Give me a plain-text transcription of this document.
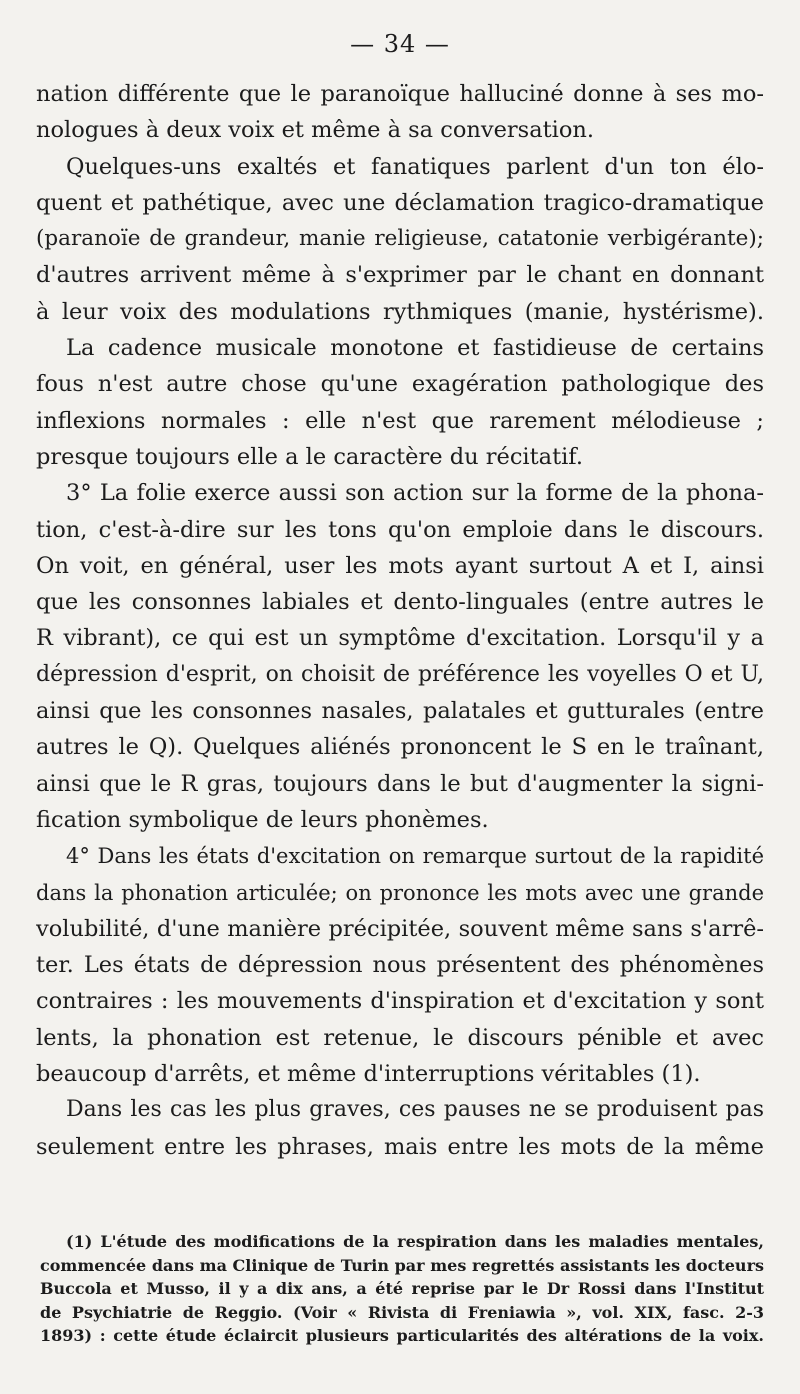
— 34 —
nation différente que le paranoïque halluciné donne à ses mo-
nologues à deux voix et même à sa conversation.
Quelques-uns exaltés et fanatiques parlent d'un ton élo-
quent et pathétique, avec une déclamation tragico-dramatique
(paranoïe de grandeur, manie religieuse, catatonie verbigérante);
d'autres arrivent même à s'exprimer par le chant en donnant
à leur voix des modulations rythmiques (manie, hystérisme).
La cadence musicale monotone et fastidieuse de certains
fous n'est autre chose qu'une exagération pathologique des
inflexions normales : elle n'est que rarement mélodieuse ;
presque toujours elle a le caractère du récitatif.
3° La folie exerce aussi son action sur la forme de la phona-
tion, c'est-à-dire sur les tons qu'on emploie dans le discours.
On voit, en général, user les mots ayant surtout A et I, ainsi
que les consonnes labiales et dento-linguales (entre autres le
R vibrant), ce qui est un symptôme d'excitation. Lorsqu'il y a
dépression d'esprit, on choisit de préférence les voyelles O et U,
ainsi que les consonnes nasales, palatales et gutturales (entre
autres le Q). Quelques aliénés prononcent le S en le traînant,
ainsi que le R gras, toujours dans le but d'augmenter la signi-
fication symbolique de leurs phonèmes.
4° Dans les états d'excitation on remarque surtout de la rapidité
dans la phonation articulée; on prononce les mots avec une grande
volubilité, d'une manière précipitée, souvent même sans s'arrê-
ter. Les états de dépression nous présentent des phénomènes
contraires : les mouvements d'inspiration et d'excitation y sont
lents, la phonation est retenue, le discours pénible et avec
beaucoup d'arrêts, et même d'interruptions véritables (1).
Dans les cas les plus graves, ces pauses ne se produisent pas
seulement entre les phrases, mais entre les mots de la même
(1) L'étude des modifications de la respiration dans les maladies mentales,
commencée dans ma Clinique de Turin par mes regrettés assistants les docteurs
Buccola et Musso, il y a dix ans, a été reprise par le Dr Rossi dans l'Institut
de Psychiatrie de Reggio. (Voir « Rivista di Freniawia », vol. XIX, fasc. 2-3
1893) : cette étude éclaircit plusieurs particularités des altérations de la voix.
